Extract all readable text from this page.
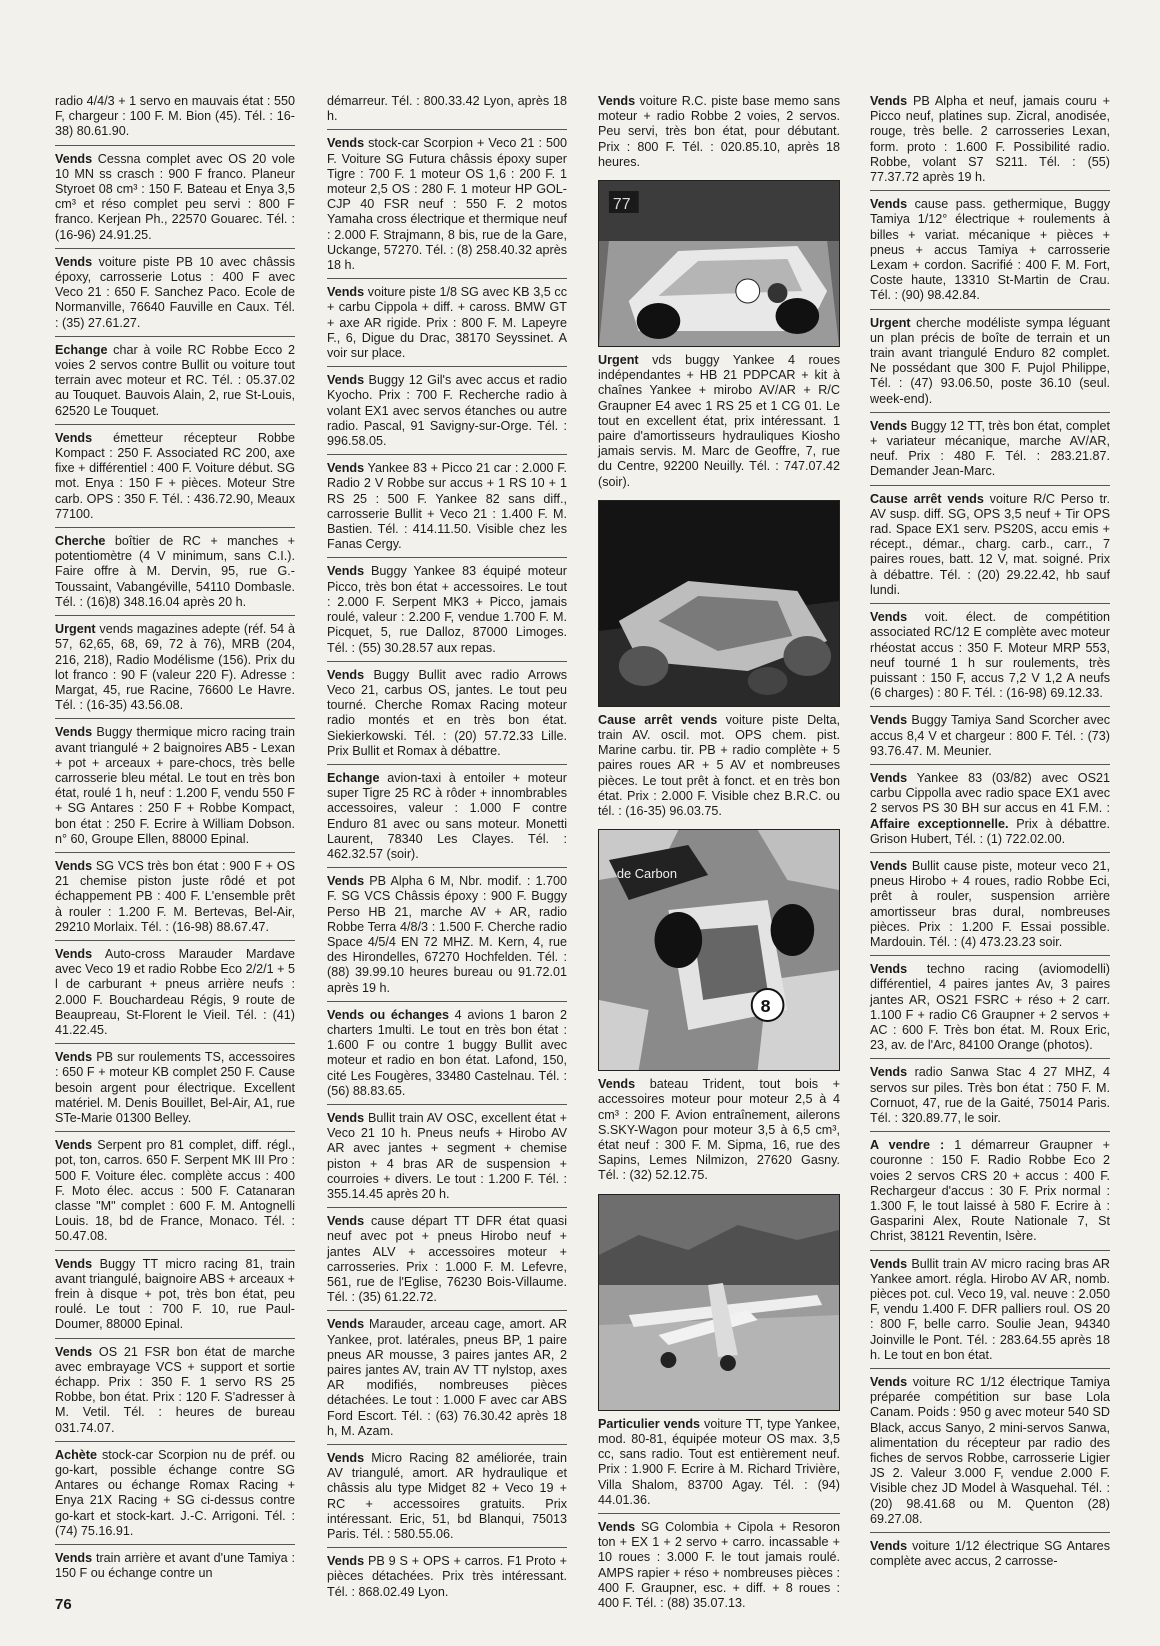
radio 4/4/3 + 1 servo en mauvais état : 550 F, chargeur : 100 F. M. Bion (45). Tél. : 16-38) 80.61.90.

Vends Cessna complet avec OS 20 vole 10 MN ss crasch : 900 F franco. Planeur Styroet 08 cm³ : 150 F. Bateau et Enya 3,5 cm³ et réso complet peu servi : 800 F franco. Kerjean Ph., 22570 Gouarec. Tél. : (16-96) 24.91.25.

Vends voiture piste PB 10 avec châssis époxy, carrosserie Lotus : 400 F avec Veco 21 : 650 F. Sanchez Paco. Ecole de Normanville, 76640 Fauville en Caux. Tél. : (35) 27.61.27.

Echange char à voile RC Robbe Ecco 2 voies 2 servos contre Bullit ou voiture tout terrain avec moteur et RC. Tél. : 05.37.02 au Touquet. Bauvois Alain, 2, rue St-Louis, 62520 Le Touquet.

Vends émetteur récepteur Robbe Kompact : 250 F. Associated RC 200, axe fixe + différentiel : 400 F. Voiture début. SG mot. Enya : 150 F + pièces. Moteur Stre carb. OPS : 350 F. Tél. : 436.72.90, Meaux 77100.

Cherche boîtier de RC + manches + potentiomètre (4 V minimum, sans C.I.). Faire offre à M. Dervin, 95, rue G.-Toussaint, Vabangéville, 54110 Dombasle. Tél. : (16)8) 348.16.04 après 20 h.

Urgent vends magazines adepte (réf. 54 à 57, 62,65, 68, 69, 72 à 76), MRB (204, 216, 218), Radio Modélisme (156). Prix du lot franco : 90 F (valeur 220 F). Adresse : Margat, 45, rue Racine, 76600 Le Havre. Tél. : (16-35) 43.56.08.

Vends Buggy thermique micro racing train avant triangulé + 2 baignoires AB5 - Lexan + pot + arceaux + pare-chocs, très belle carrosserie bleu métal. Le tout en très bon état, roulé 1 h, neuf : 1.200 F, vendu 550 F + SG Antares : 250 F + Robbe Kompact, bon état : 250 F. Ecrire à William Dobson. n° 60, Groupe Ellen, 88000 Epinal.

Vends SG VCS très bon état : 900 F + OS 21 chemise piston juste rôdé et pot échappement PB : 400 F. L'ensemble prêt à rouler : 1.200 F. M. Bertevas, Bel-Air, 29210 Morlaix. Tél. : (16-98) 88.67.47.

Vends Auto-cross Marauder Mardave avec Veco 19 et radio Robbe Eco 2/2/1 + 5 l de carburant + pneus arrière neufs : 2.000 F. Bouchardeau Régis, 9 route de Beaupreau, St-Florent le Vieil. Tél. : (41) 41.22.45.

Vends PB sur roulements TS, accessoires : 650 F + moteur KB complet 250 F. Cause besoin argent pour électrique. Excellent matériel. M. Denis Bouillet, Bel-Air, A1, rue STe-Marie 01300 Belley.

Vends Serpent pro 81 complet, diff. régl., pot, ton, carros. 650 F. Serpent MK III Pro : 500 F. Voiture élec. complète accus : 400 F. Moto élec. accus : 500 F. Catanaran classe "M" complet : 600 F. M. Antognelli Louis. 18, bd de France, Monaco. Tél. : 50.47.08.

Vends Buggy TT micro racing 81, train avant triangulé, baignoire ABS + arceaux + frein à disque + pot, très bon état, peu roulé. Le tout : 700 F. 10, rue Paul-Doumer, 88000 Epinal.

Vends OS 21 FSR bon état de marche avec embrayage VCS + support et sortie échapp. Prix : 350 F. 1 servo RS 25 Robbe, bon état. Prix : 120 F. S'adresser à M. Vetil. Tél. : heures de bureau 031.74.07.

Achète stock-car Scorpion nu de préf. ou go-kart, possible échange contre SG Antares ou échange Romax Racing + Enya 21X Racing + SG ci-dessus contre go-kart et stock-kart. J.-C. Arrigoni. Tél. : (74) 75.16.91.

Vends train arrière et avant d'une Tamiya : 150 F ou échange contre un

démarreur. Tél. : 800.33.42 Lyon, après 18 h.

Vends stock-car Scorpion + Veco 21 : 500 F. Voiture SG Futura châssis époxy super Tigre : 700 F. 1 moteur OS 1,6 : 200 F. 1 moteur 2,5 OS : 280 F. 1 moteur HP GOL-CJP 40 FSR neuf : 550 F. 2 motos Yamaha cross électrique et thermique neuf : 2.000 F. Strajmann, 8 bis, rue de la Gare, Uckange, 57270. Tél. : (8) 258.40.32 après 18 h.

Vends voiture piste 1/8 SG avec KB 3,5 cc + carbu Cippola + diff. + caross. BMW GT + axe AR rigide. Prix : 800 F. M. Lapeyre F., 6, Digue du Drac, 38170 Seyssinet. A voir sur place.

Vends Buggy 12 Gil's avec accus et radio Kyocho. Prix : 700 F. Recherche radio à volant EX1 avec servos étanches ou autre radio. Pascal, 91 Savigny-sur-Orge. Tél. : 996.58.05.

Vends Yankee 83 + Picco 21 car : 2.000 F. Radio 2 V Robbe sur accus + 1 RS 10 + 1 RS 25 : 500 F. Yankee 82 sans diff., carrosserie Bullit + Veco 21 : 1.400 F. M. Bastien. Tél. : 414.11.50. Visible chez les Fanas Cergy.

Vends Buggy Yankee 83 équipé moteur Picco, très bon état + accessoires. Le tout : 2.000 F. Serpent MK3 + Picco, jamais roulé, valeur : 2.200 F, vendue 1.700 F. M. Picquet, 5, rue Dalloz, 87000 Limoges. Tél. : (55) 30.28.57 aux repas.

Vends Buggy Bullit avec radio Arrows Veco 21, carbus OS, jantes. Le tout peu tourné. Cherche Romax Racing moteur radio montés et en très bon état. Siekierkowski. Tél. : (20) 57.72.33 Lille. Prix Bullit et Romax à débattre.

Echange avion-taxi à entoiler + moteur super Tigre 25 RC à rôder + innombrables accessoires, valeur : 1.000 F contre Enduro 81 avec ou sans moteur. Monetti Laurent, 78340 Les Clayes. Tél. : 462.32.57 (soir).

Vends PB Alpha 6 M, Nbr. modif. : 1.700 F. SG VCS Châssis époxy : 900 F. Buggy Perso HB 21, marche AV + AR, radio Robbe Terra 4/8/3 : 1.500 F. Cherche radio Space 4/5/4 EN 72 MHZ. M. Kern, 4, rue des Hirondelles, 67270 Hochfelden. Tél. : (88) 39.99.10 heures bureau ou 91.72.01 après 19 h.

Vends ou échanges 4 avions 1 baron 2 charters 1multi. Le tout en très bon état : 1.600 F ou contre 1 buggy Bullit avec moteur et radio en bon état. Lafond, 150, cité Les Fougères, 33480 Castelnau. Tél. : (56) 88.83.65.

Vends Bullit train AV OSC, excellent état + Veco 21 10 h. Pneus neufs + Hirobo AV AR avec jantes + segment + chemise piston + 4 bras AR de suspension + courroies + divers. Le tout : 1.200 F. Tél. : 355.14.45 après 20 h.

Vends cause départ TT DFR état quasi neuf avec pot + pneus Hirobo neuf + jantes ALV + accessoires moteur + carrosseries. Prix : 1.000 F. M. Lefevre, 561, rue de l'Eglise, 76230 Bois-Villaume. Tél. : (35) 61.22.72.

Vends Marauder, arceau cage, amort. AR Yankee, prot. latérales, pneus BP, 1 paire pneus AR mousse, 3 paires jantes AR, 2 paires jantes AV, train AV TT nylstop, axes AR modifiés, nombreuses pièces détachées. Le tout : 1.000 F avec car ABS Ford Escort. Tél. : (63) 76.30.42 après 18 h, M. Azam.

Vends Micro Racing 82 améliorée, train AV triangulé, amort. AR hydraulique et châssis alu type Midget 82 + Veco 19 + RC + accessoires gratuits. Prix intéressant. Eric, 51, bd Blanqui, 75013 Paris. Tél. : 580.55.06.

Vends PB 9 S + OPS + carros. F1 Proto + pièces détachées. Prix très intéressant. Tél. : 868.02.49 Lyon.

Vends voiture R.C. piste base memo sans moteur + radio Robbe 2 voies, 2 servos. Peu servi, très bon état, pour débutant. Prix : 800 F. Tél. : 020.85.10, après 18 heures.

77

Urgent vds buggy Yankee 4 roues indépendantes + HB 21 PDPCAR + kit à chaînes Yankee + mirobo AV/AR + R/C Graupner E4 avec 1 RS 25 et 1 CG 01. Le tout en excellent état, prix intéressant. 1 paire d'amortisseurs hydrauliques Kiosho jamais servis. M. Marc de Geoffre, 7, rue du Centre, 92200 Neuilly. Tél. : 747.07.42 (soir).

Cause arrêt vends voiture piste Delta, train AV. oscil. mot. OPS chem. pist. Marine carbu. tir. PB + radio complète + 5 paires roues AR + 5 AV et nombreuses pièces. Le tout prêt à fonct. et en très bon état. Prix : 2.000 F. Visible chez B.R.C. ou tél. : (16-35) 96.03.75.

de Carbon
8

Vends bateau Trident, tout bois + accessoires moteur pour moteur 2,5 à 4 cm³ : 200 F. Avion entraînement, ailerons S.SKY-Wagon pour moteur 3,5 à 6,5 cm³, état neuf : 300 F. M. Sipma, 16, rue des Sapins, Lemes Nilmizon, 27620 Gasny. Tél. : (32) 52.12.75.

Particulier vends voiture TT, type Yankee, mod. 80-81, équipée moteur OS max. 3,5 cc, sans radio. Tout est entièrement neuf. Prix : 1.900 F. Ecrire à M. Richard Trivière, Villa Shalom, 83700 Agay. Tél. : (94) 44.01.36.

Vends SG Colombia + Cipola + Resoron ton + EX 1 + 2 servo + carro. incassable + 10 roues : 3.000 F. le tout jamais roulé. AMPS rapier + réso + nombreuses pièces : 400 F. Graupner, esc. + diff. + 8 roues : 400 F. Tél. : (88) 35.07.13.

Vends PB Alpha et neuf, jamais couru + Picco neuf, platines sup. Zicral, anodisée, rouge, très belle. 2 carrosseries Lexan, form. proto : 1.600 F. Possibilité radio. Robbe, volant S7 S211. Tél. : (55) 77.37.72 après 19 h.

Vends cause pass. gethermique, Buggy Tamiya 1/12° électrique + roulements à billes + variat. mécanique + pièces + pneus + accus Tamiya + carrosserie Lexam + cordon. Sacrifié : 400 F. M. Fort, Coste haute, 13310 St-Martin de Crau. Tél. : (90) 98.42.84.

Urgent cherche modéliste sympa léguant un plan précis de boîte de terrain et un train avant triangulé Enduro 82 complet. Ne possédant que 300 F. Pujol Philippe, Tél. : (47) 93.06.50, poste 36.10 (seul. week-end).

Vends Buggy 12 TT, très bon état, complet + variateur mécanique, marche AV/AR, neuf. Prix : 480 F. Tél. : 283.21.87. Demander Jean-Marc.

Cause arrêt vends voiture R/C Perso tr. AV susp. diff. SG, OPS 3,5 neuf + Tir OPS rad. Space EX1 serv. PS20S, accu emis + récept., démar., charg. carb., carr., 7 paires roues, batt. 12 V, mat. soigné. Prix à débattre. Tél. : (20) 29.22.42, hb sauf lundi.

Vends voit. élect. de compétition associated RC/12 E complète avec moteur rhéostat accus : 350 F. Moteur MRP 553, neuf tourné 1 h sur roulements, très puissant : 150 F, accus 7,2 V 1,2 A neufs (6 charges) : 80 F. Tél. : (16-98) 69.12.33.

Vends Buggy Tamiya Sand Scorcher avec accus 8,4 V et chargeur : 800 F. Tél. : (73) 93.76.47. M. Meunier.

Vends Yankee 83 (03/82) avec OS21 carbu Cippolla avec radio space EX1 avec 2 servos PS 30 BH sur accus en 41 F.M. : Affaire exceptionnelle. Prix à débattre. Grison Hubert, Tél. : (1) 722.02.00.

Vends Bullit cause piste, moteur veco 21, pneus Hirobo + 4 roues, radio Robbe Eci, prêt à rouler, suspension arrière amortisseur bras dural, nombreuses pièces. Prix : 1.200 F. Essai possible. Mardouin. Tél. : (4) 473.23.23 soir.

Vends techno racing (aviomodelli) différentiel, 4 paires jantes Av, 3 paires jantes AR, OS21 FSRC + réso + 2 carr. 1.100 F + radio C6 Graupner + 2 servos + AC : 600 F. Très bon état. M. Roux Eric, 23, av. de l'Arc, 84100 Orange (photos).

Vends radio Sanwa Stac 4 27 MHZ, 4 servos sur piles. Très bon état : 750 F. M. Cornuot, 47, rue de la Gaité, 75014 Paris. Tél. : 320.89.77, le soir.

A vendre : 1 démarreur Graupner + couronne : 150 F. Radio Robbe Eco 2 voies 2 servos CRS 20 + accus : 400 F. Rechargeur d'accus : 30 F. Prix normal : 1.300 F, le tout laissé à 580 F. Ecrire à : Gasparini Alex, Route Nationale 7, St Christ, 38121 Reventin, Isère.

Vends Bullit train AV micro racing bras AR Yankee amort. régla. Hirobo AV AR, nomb. pièces pot. cul. Veco 19, val. neuve : 2.050 F, vendu 1.400 F. DFR palliers roul. OS 20 : 800 F, belle carro. Soulie Jean, 94340 Joinville le Pont. Tél. : 283.64.55 après 18 h. Le tout en bon état.

Vends voiture RC 1/12 électrique Tamiya préparée compétition sur base Lola Canam. Poids : 950 g avec moteur 540 SD Black, accus Sanyo, 2 mini-servos Sanwa, alimentation du récepteur par radio des fiches de servos Robbe, carrosserie Ligier JS 2. Valeur 3.000 F, vendue 2.000 F. Visible chez JD Model à Wasquehal. Tél. : (20) 98.41.68 ou M. Quenton (28) 69.27.08.

Vends voiture 1/12 électrique SG Antares complète avec accus, 2 carrosse-

76
